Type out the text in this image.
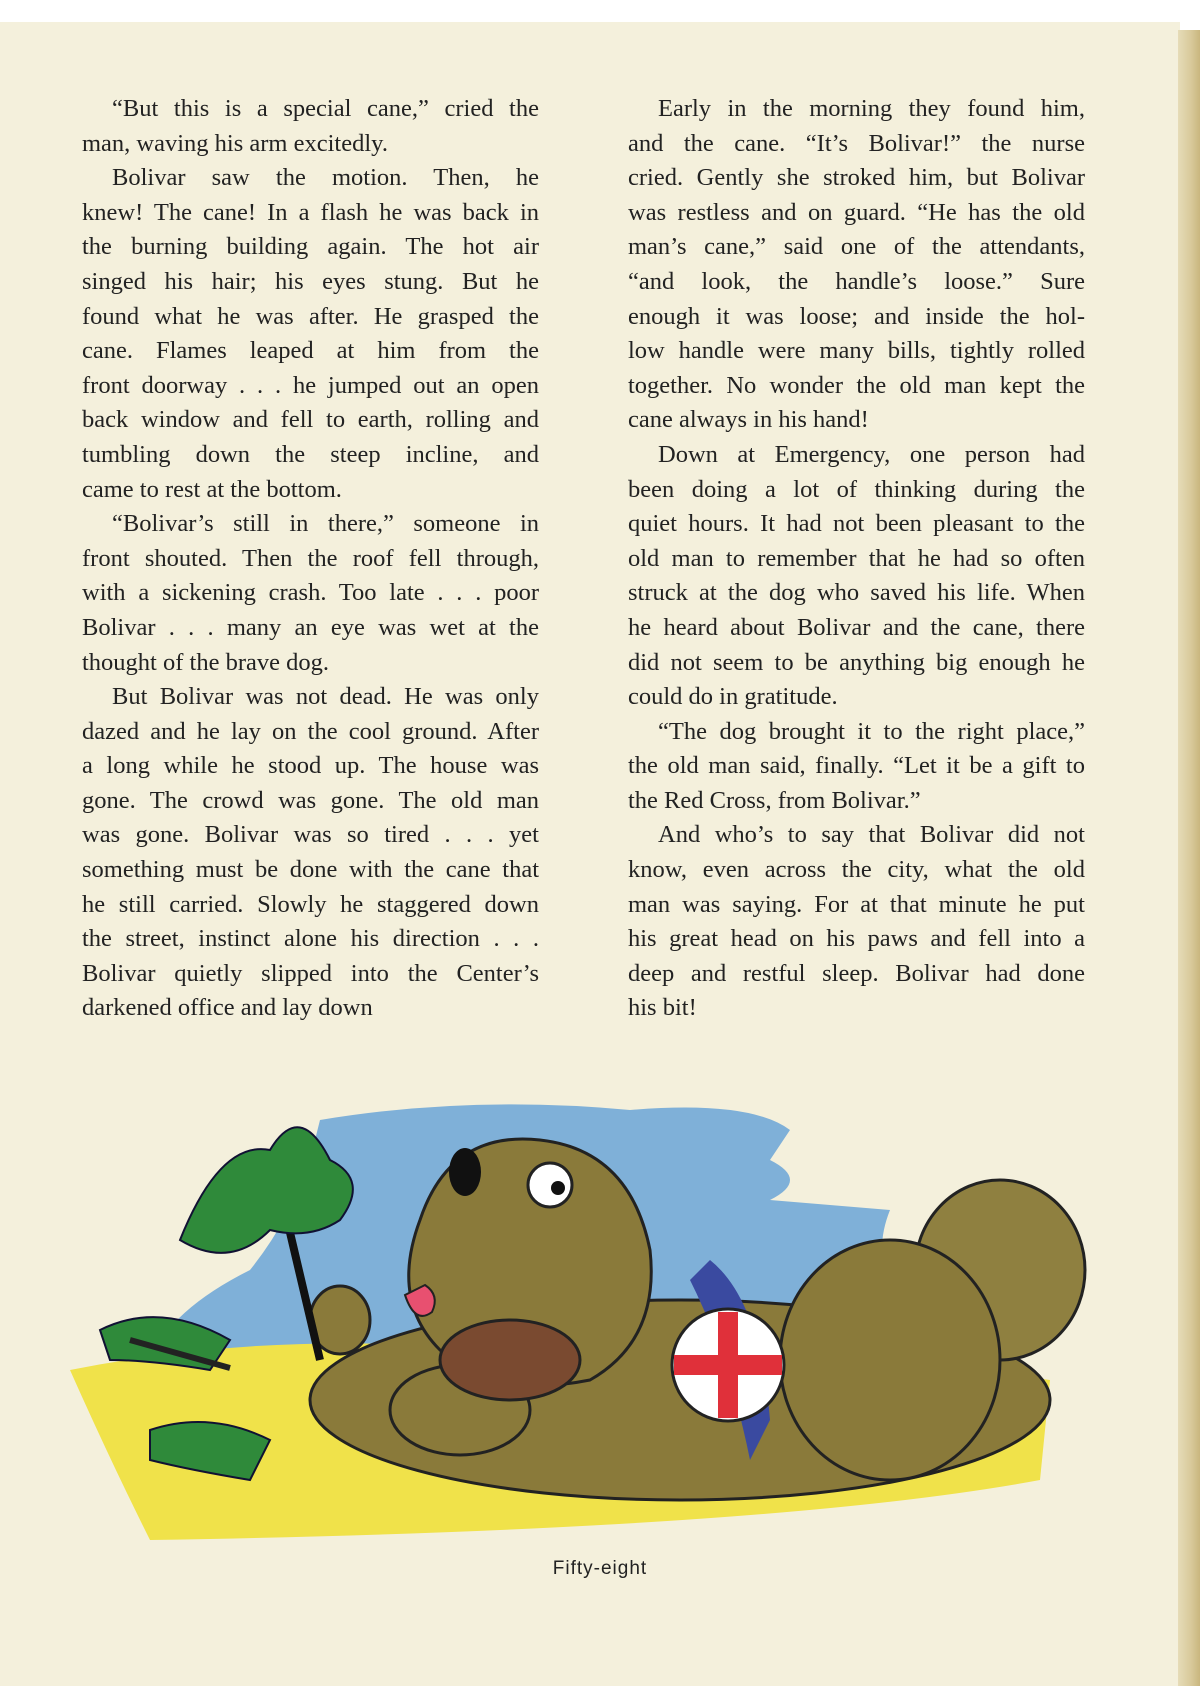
“But this is a special cane,” cried the
man, waving his arm excitedly.
Bolivar saw the motion. Then, he
knew! The cane! In a flash he was back in
the burning building again. The hot air
singed his hair; his eyes stung. But he
found what he was after. He grasped the
cane. Flames leaped at him from the
front doorway . . . he jumped out an open
back window and fell to earth, rolling and
tumbling down the steep incline, and
came to rest at the bottom.
“Bolivar’s still in there,” someone in
front shouted. Then the roof fell through,
with a sickening crash. Too late . . . poor
Bolivar . . . many an eye was wet at the
thought of the brave dog.
But Bolivar was not dead. He was only
dazed and he lay on the cool ground. After
a long while he stood up. The house was
gone. The crowd was gone. The old man
was gone. Bolivar was so tired . . . yet
something must be done with the cane that
he still carried. Slowly he staggered down
the street, instinct alone his direction . . .
Bolivar quietly slipped into the Center’s
darkened office and lay down
Early in the morning they found him,
and the cane. “It’s Bolivar!” the nurse
cried. Gently she stroked him, but Bolivar
was restless and on guard. “He has the old
man’s cane,” said one of the attendants,
“and look, the handle’s loose.” Sure
enough it was loose; and inside the hol-
low handle were many bills, tightly rolled
together. No wonder the old man kept the
cane always in his hand!
Down at Emergency, one person had
been doing a lot of thinking during the
quiet hours. It had not been pleasant to the
old man to remember that he had so often
struck at the dog who saved his life. When
he heard about Bolivar and the cane, there
did not seem to be anything big enough he
could do in gratitude.
“The dog brought it to the right place,”
the old man said, finally. “Let it be a gift to
the Red Cross, from Bolivar.”
And who’s to say that Bolivar did not
know, even across the city, what the old
man was saying. For at that minute he put
his great head on his paws and fell into a
deep and restful sleep. Bolivar had done
his bit!
Fifty-eight
